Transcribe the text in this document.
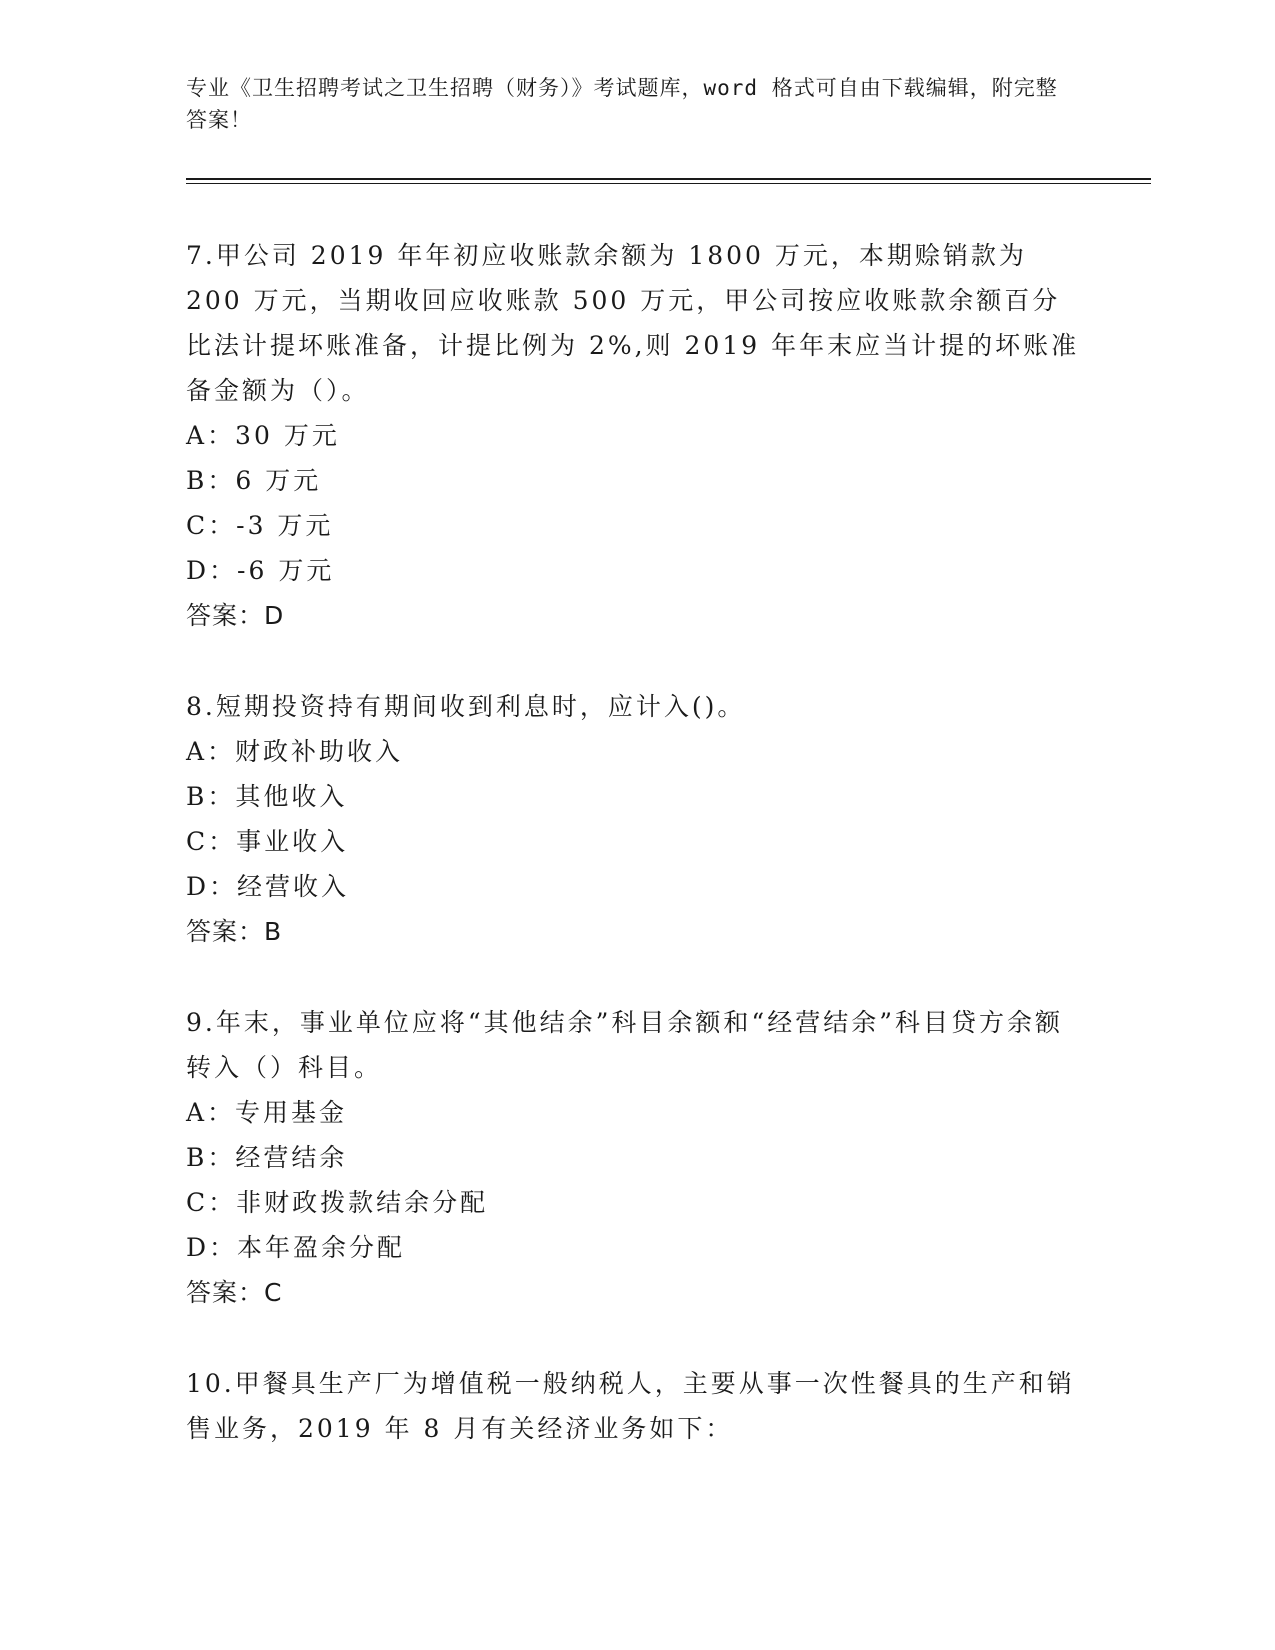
专业《卫生招聘考试之卫生招聘（财务）》考试题库，word 格式可自由下载编辑，附完整答案！
7.甲公司 2019 年年初应收账款余额为 1800 万元，本期赊销款为 200 万元，当期收回应收账款 500 万元，甲公司按应收账款余额百分比法计提坏账准备，计提比例为 2%,则 2019 年年末应当计提的坏账准备金额为（）。
A：30 万元
B：6 万元
C：-3 万元
D：-6 万元
答案：D
8.短期投资持有期间收到利息时，应计入()。
A：财政补助收入
B：其他收入
C：事业收入
D：经营收入
答案：B
9.年末，事业单位应将“其他结余”科目余额和“经营结余”科目贷方余额转入（）科目。
A：专用基金
B：经营结余
C：非财政拨款结余分配
D：本年盈余分配
答案：C
10.甲餐具生产厂为增值税一般纳税人，主要从事一次性餐具的生产和销售业务，2019 年 8 月有关经济业务如下：
